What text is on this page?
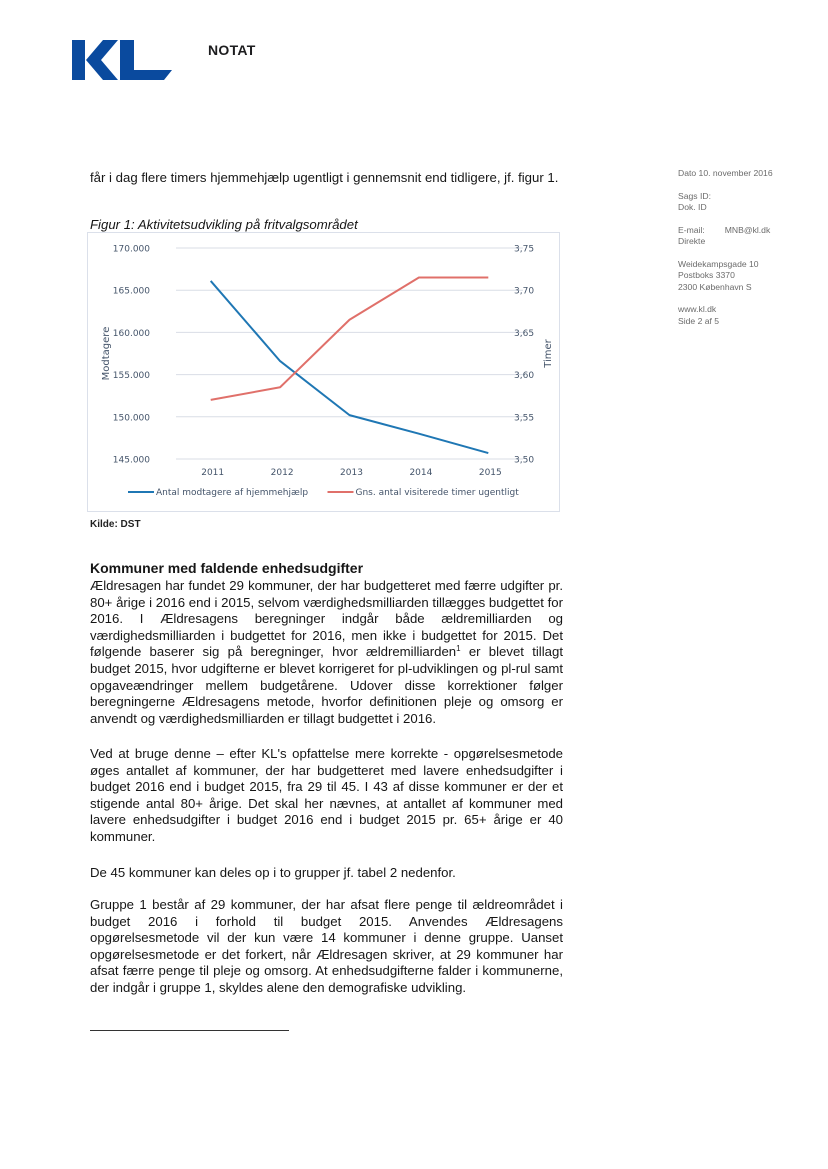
NOTAT
Dato 10. november 2016
Sags ID:
Dok. ID
E-mail: MNB@kl.dk
Direkte
Weidekampsgade 10
Postboks 3370
2300 København S
www.kl.dk
Side 2 af 5

får i dag flere timers hjemmehjælp ugentligt i gennemsnit end tidligere, jf. figur 1.

Figur 1: Aktivitetsudvikling på fritvalgsområdet
145.000	3,50
150.000	3,55
155.000	3,60
160.000	3,65
165.000	3,70
170.000	3,75
2011	2012	2013	2014	2015
Modtagere	Timer
Antal modtagere af hjemmehjælp	Gns. antal visiterede timer ugentligt
Kilde: DST
Kommuner med faldende enhedsudgifter

Ældresagen har fundet 29 kommuner, der har budgetteret med færre udgifter pr. 80+ årige i 2016 end i 2015, selvom værdighedsmilliarden tillægges budgettet for 2016. I Ældresagens beregninger indgår både ældremilliarden og værdighedsmilliarden i budgettet for 2016, men ikke i budgettet for 2015. Det følgende baserer sig på beregninger, hvor ældremilliarden$^1$ er blevet tillagt budget 2015, hvor udgifterne er blevet korrigeret for pl-udviklingen og pl-rul samt opgaveændringer mellem budgetårene. Udover disse korrektioner følger beregningerne Ældresagens metode, hvorfor definitionen pleje og omsorg er anvendt og værdighedsmilliarden er tillagt budgettet i 2016.

Ved at bruge denne – efter KL's opfattelse mere korrekte - opgørelsesmetode øges antallet af kommuner, der har budgetteret med lavere enhedsudgifter i budget 2016 end i budget 2015, fra 29 til 45. I 43 af disse kommuner er der et stigende antal 80+ årige. Det skal her nævnes, at antallet af kommuner med lavere enhedsudgifter i budget 2016 end i budget 2015 pr. 65+ årige er 40 kommuner.

De 45 kommuner kan deles op i to grupper jf. tabel 2 nedenfor.

Gruppe 1 består af 29 kommuner, der har afsat flere penge til ældreområdet i budget 2016 i forhold til budget 2015. Anvendes Ældresagens opgørelsesmetode vil der kun være 14 kommuner i denne gruppe. Uanset opgørelsesmetode er det forkert, når Ældresagen skriver, at 29 kommuner har afsat færre penge til pleje og omsorg. At enhedsudgifterne falder i kommunerne, der indgår i gruppe 1, skyldes alene den demografiske udvikling.
